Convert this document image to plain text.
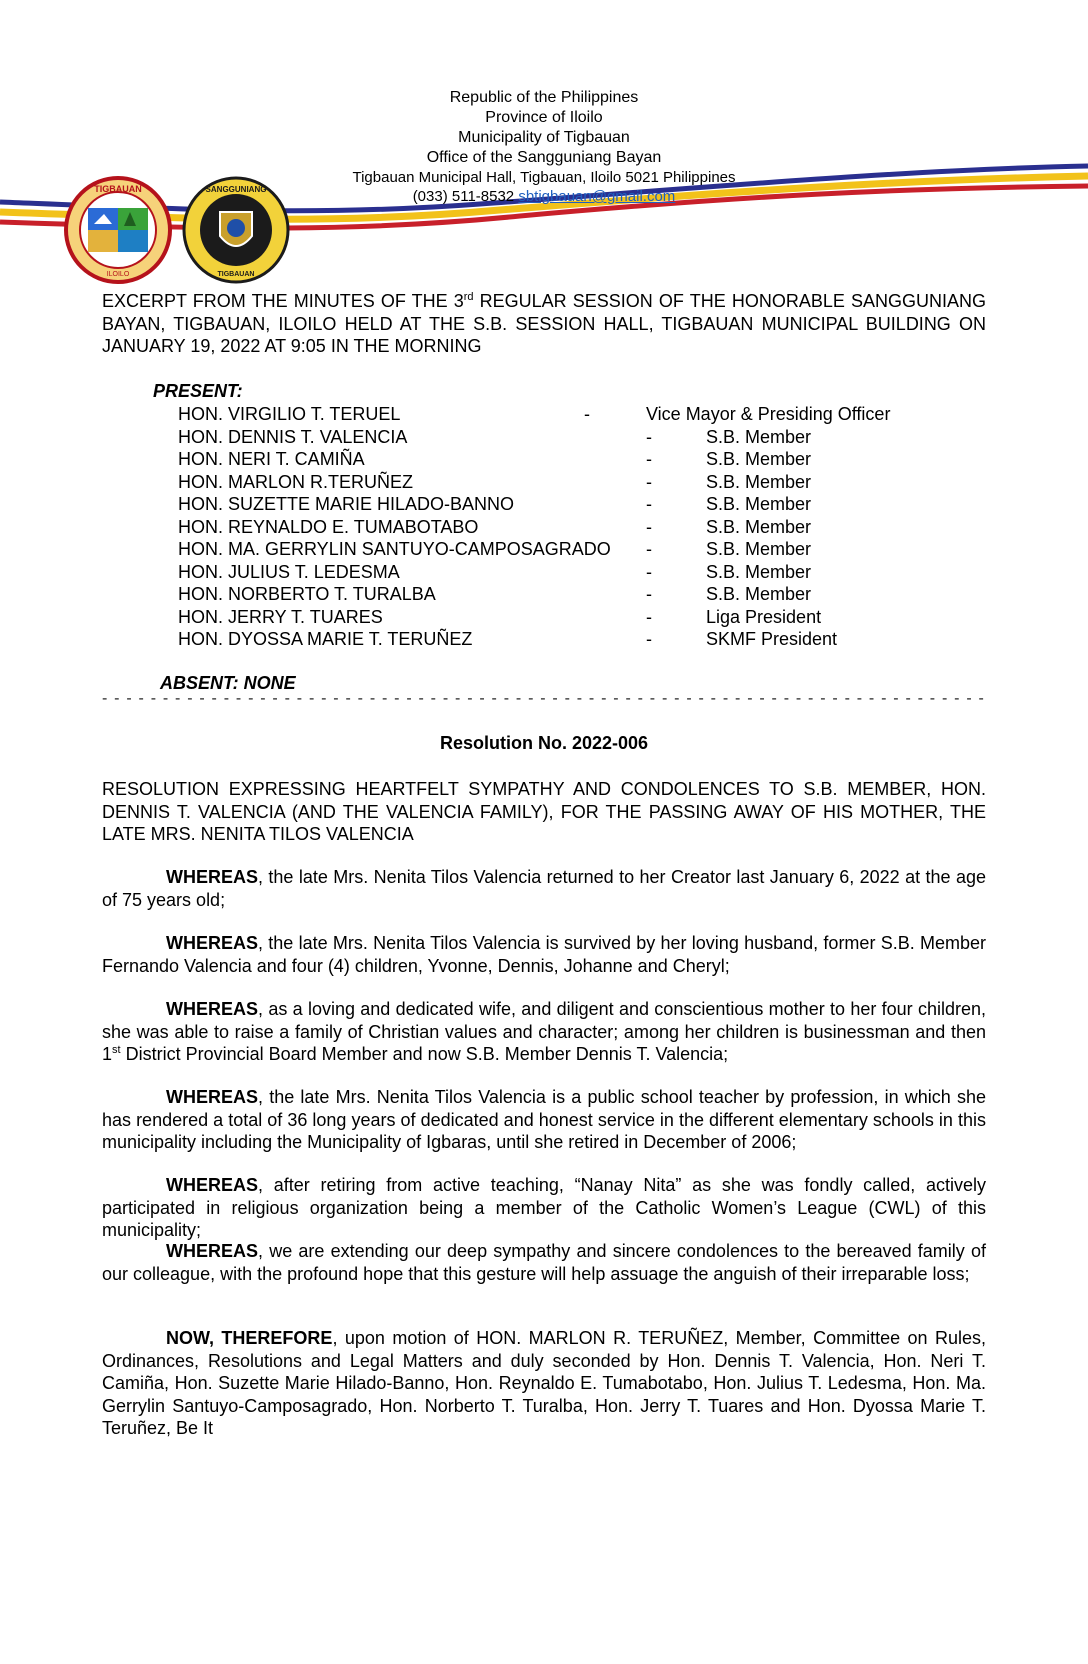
TIGBAUAN
ILOILO
SANGGUNIANG
TIGBAUAN
Republic of the Philippines
Province of Iloilo
Municipality of Tigbauan
Office of the Sangguniang Bayan
Tigbauan Municipal Hall, Tigbauan, Iloilo 5021 Philippines
(033) 511-8532 sbtigbauan@gmail.com
EXCERPT FROM THE MINUTES OF THE 3rd REGULAR SESSION OF THE HONORABLE SANGGUNIANG BAYAN, TIGBAUAN, ILOILO HELD AT THE S.B. SESSION HALL, TIGBAUAN MUNICIPAL BUILDING ON JANUARY 19, 2022 AT 9:05 IN THE MORNING
PRESENT:
HON. VIRGILIO T. TERUEL	-	Vice Mayor & Presiding Officer
HON. DENNIS T. VALENCIA	-	S.B. Member
HON. NERI T. CAMIÑA	-	S.B. Member
HON. MARLON R.TERUÑEZ	-	S.B. Member
HON. SUZETTE MARIE HILADO-BANNO	-	S.B. Member
HON. REYNALDO E. TUMABOTABO	-	S.B. Member
HON. MA. GERRYLIN SANTUYO-CAMPOSAGRADO	-	S.B. Member
HON. JULIUS T. LEDESMA	-	S.B. Member
HON. NORBERTO T. TURALBA	-	S.B. Member
HON. JERRY T. TUARES	-	Liga President
HON. DYOSSA MARIE T. TERUÑEZ	-	SKMF President
ABSENT: NONE
- - - - - - - - - - - - - - - - - - - - - - - - - - - - - - - - - - - - - - - - - - - - - - - - - - - - - - - - - - - - - - - - - - - - - - - - -
Resolution No. 2022-006
RESOLUTION EXPRESSING HEARTFELT SYMPATHY AND CONDOLENCES TO S.B. MEMBER, HON. DENNIS T. VALENCIA (AND THE VALENCIA FAMILY), FOR THE PASSING AWAY OF HIS MOTHER, THE LATE MRS. NENITA TILOS VALENCIA

WHEREAS, the late Mrs. Nenita Tilos Valencia returned to her Creator last January 6, 2022 at the age of 75 years old;

WHEREAS, the late Mrs. Nenita Tilos Valencia is survived by her loving husband, former S.B. Member Fernando Valencia and four (4) children, Yvonne, Dennis, Johanne and Cheryl;

WHEREAS, as a loving and dedicated wife, and diligent and conscientious mother to her four children, she was able to raise a family of Christian values and character; among her children is businessman and then 1st District Provincial Board Member and now S.B. Member Dennis T. Valencia;

WHEREAS, the late Mrs. Nenita Tilos Valencia is a public school teacher by profession, in which she has rendered a total of 36 long years of dedicated and honest service in the different elementary schools in this municipality including the Municipality of Igbaras, until she retired in December of 2006;

WHEREAS, after retiring from active teaching, “Nanay Nita” as she was fondly called, actively participated in religious organization being a member of the Catholic Women’s League (CWL) of this municipality;

WHEREAS, we are extending our deep sympathy and sincere condolences to the bereaved family of our colleague, with the profound hope that this gesture will help assuage the anguish of their irreparable loss;

NOW, THEREFORE, upon motion of HON. MARLON R. TERUÑEZ, Member, Committee on Rules, Ordinances, Resolutions and Legal Matters and duly seconded by Hon. Dennis T. Valencia, Hon. Neri T. Camiña, Hon. Suzette Marie Hilado-Banno, Hon. Reynaldo E. Tumabotabo, Hon. Julius T. Ledesma, Hon. Ma. Gerrylin Santuyo-Camposagrado, Hon. Norberto T. Turalba, Hon. Jerry T. Tuares and Hon. Dyossa Marie T. Teruñez, Be It
